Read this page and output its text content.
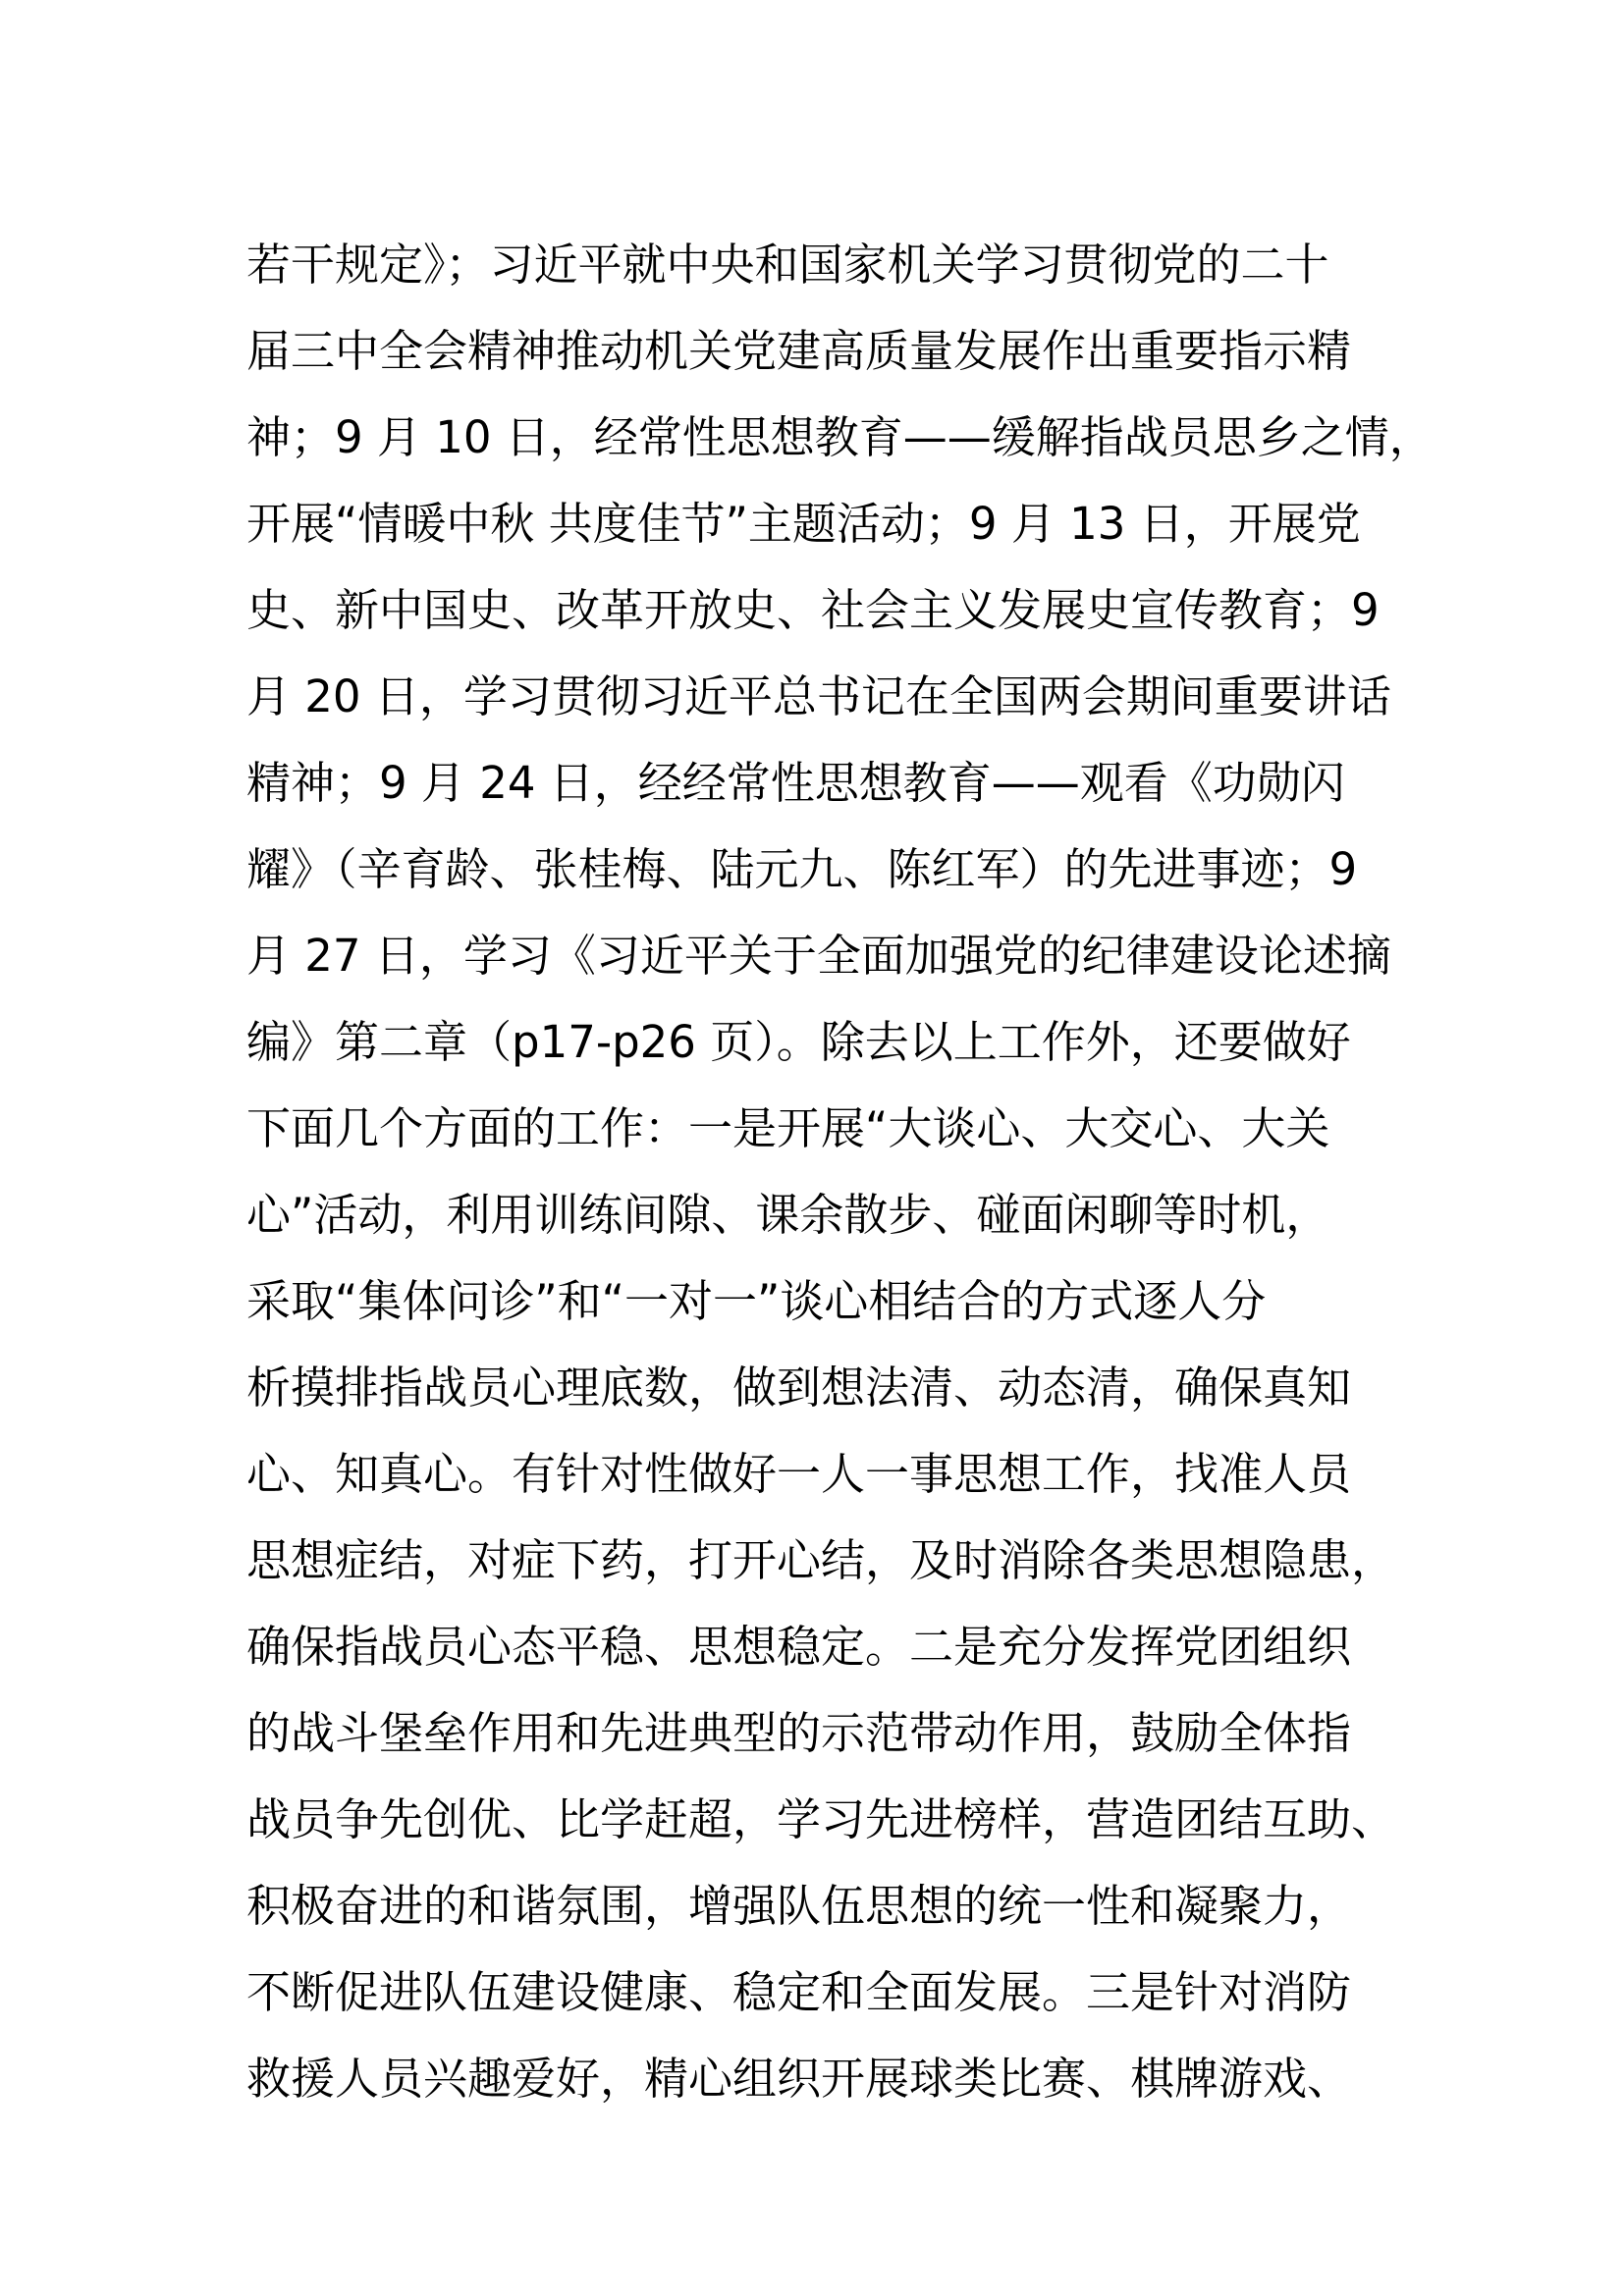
若干规定》；习近平就中央和国家机关学习贯彻党的二十
届三中全会精神推动机关党建高质量发展作出重要指示精
神；9 月 10 日，经常性思想教育——缓解指战员思乡之情，
开展“情暖中秋 共度佳节”主题活动；9 月 13 日，开展党
史、新中国史、改革开放史、社会主义发展史宣传教育；9
月 20 日，学习贯彻习近平总书记在全国两会期间重要讲话
精神；9 月 24 日，经经常性思想教育——观看《功勋闪
耀》（辛育龄、张桂梅、陆元九、陈红军）的先进事迹；9
月 27 日，学习《习近平关于全面加强党的纪律建设论述摘
编》第二章（p17-p26 页）。除去以上工作外，还要做好
下面几个方面的工作：一是开展“大谈心、大交心、大关
心”活动，利用训练间隙、课余散步、碰面闲聊等时机，
采取“集体问诊”和“一对一”谈心相结合的方式逐人分
析摸排指战员心理底数，做到想法清、动态清，确保真知
心、知真心。有针对性做好一人一事思想工作，找准人员
思想症结，对症下药，打开心结，及时消除各类思想隐患，
确保指战员心态平稳、思想稳定。二是充分发挥党团组织
的战斗堡垒作用和先进典型的示范带动作用，鼓励全体指
战员争先创优、比学赶超，学习先进榜样，营造团结互助、
积极奋进的和谐氛围，增强队伍思想的统一性和凝聚力，
不断促进队伍建设健康、稳定和全面发展。三是针对消防
救援人员兴趣爱好，精心组织开展球类比赛、棋牌游戏、
